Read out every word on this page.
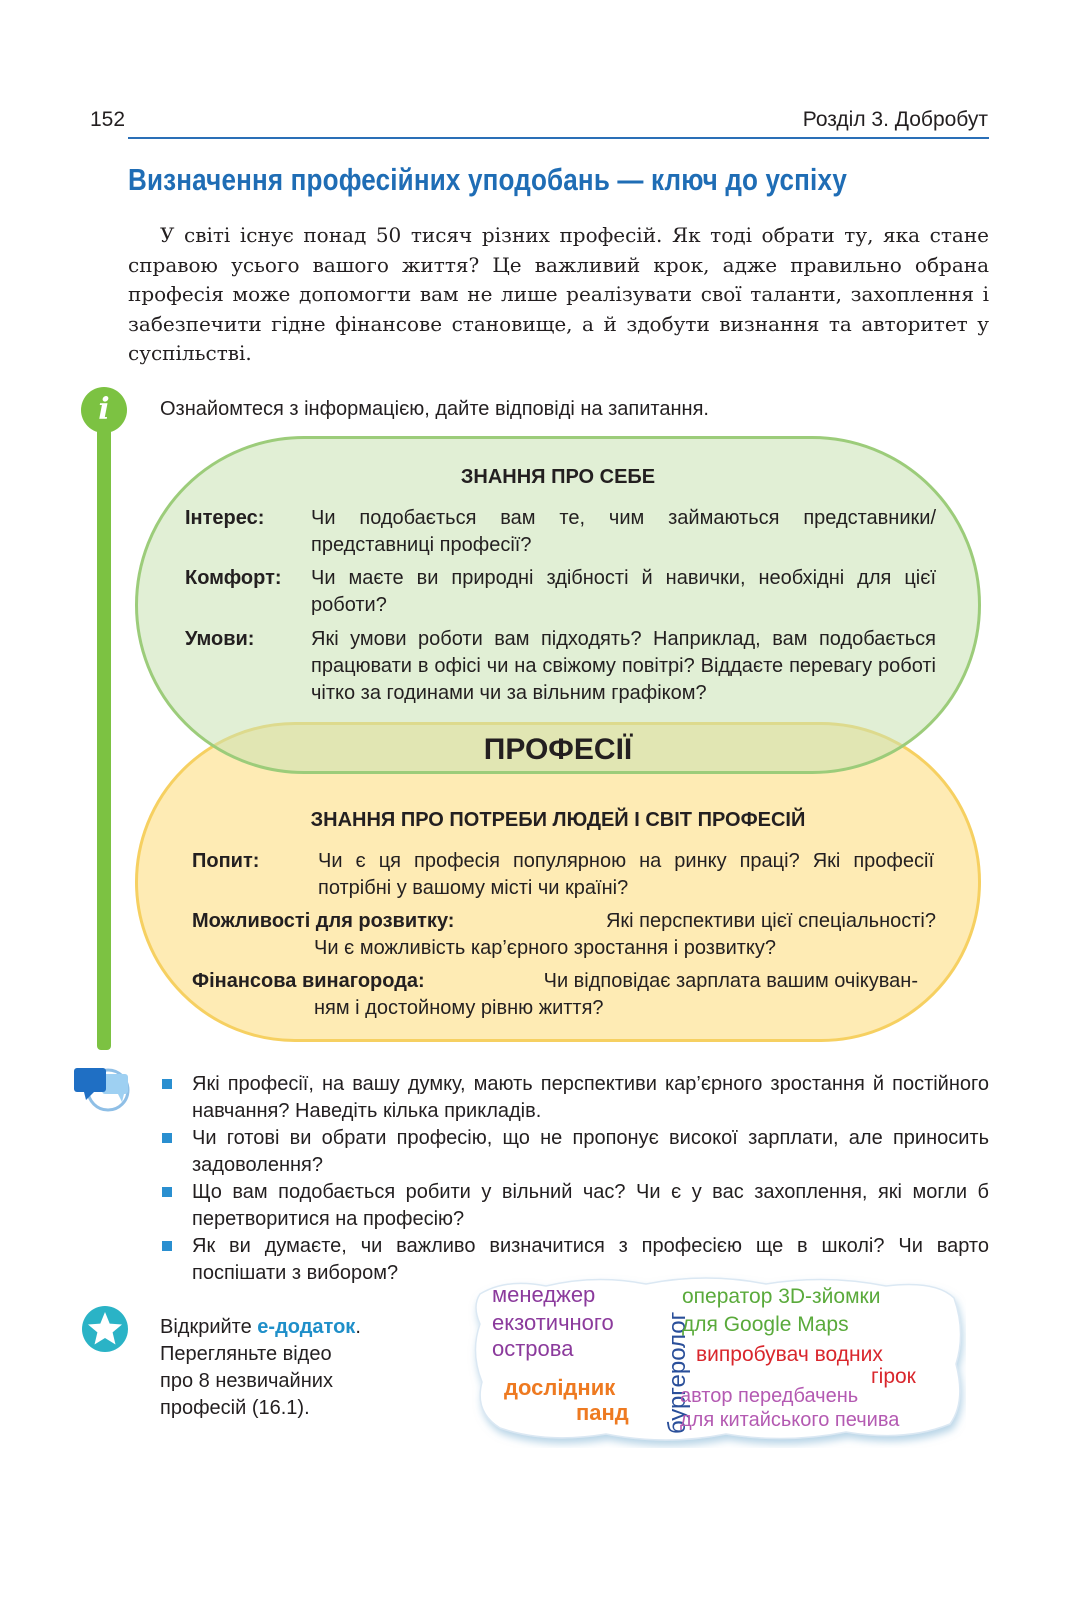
152	Розділ 3. Добробут
Визначення професійних уподобань — ключ до успіху

У світі існує понад 50 тисяч різних професій. Як тоді обрати ту, яка стане справою усього вашого життя? Це важливий крок, адже правильно обрана професія може допомогти вам не лише реалізувати свої таланти, захоплення і забезпечити гідне фінансове становище, а й здобути визнання та авторитет у суспільстві.

i	Ознайомтеся з інформацією, дайте відповіді на запитання.
ЗНАННЯ ПРО СЕБЕ
Інтерес: Чи подобається вам те, чим займаються представники/представниці професії?
Комфорт: Чи маєте ви природні здібності й навички, необхідні для цієї роботи?
Умови:	Які умови роботи вам підходять? Наприклад, вам подобається працювати в офісі чи на свіжому повітрі? Віддаєте перевагу роботі чітко за годинами чи за вільним графіком?
ПРОФЕСІЇ
ЗНАННЯ ПРО ПОТРЕБИ ЛЮДЕЙ І СВІТ ПРОФЕСІЙ
Попит:	Чи є ця професія популярною на ринку праці? Які професії потрібні у вашому місті чи країні?
Можливості для розвитку:	Які перспективи цієї спеціальності?
Чи є можливість кар’єрного зростання і розвитку?
Фінансова винагорода:	Чи відповідає зарплата вашим очікуван-
ням і достойному рівню життя?
Які професії, на вашу думку, мають перспективи кар’єрного зростання й постійного навчання? Наведіть кілька прикладів.
Чи готові ви обрати професію, що не пропонує високої зарплати, але приносить задоволення?
Що вам подобається робити у вільний час? Чи є у вас захоплення, які могли б перетворитися на професію?
Як ви думаєте, чи важливо визначитися з професією ще в школі? Чи варто поспішати з вибором?
Відкрийте е-додаток.
Перегляньте відео
про 8 незвичайних
професій (16.1).
менеджер
екзотичного
острова
дослідник
панд бургеролог
оператор 3D-зйомки
для Google Maps
випробувач водних
гірок
автор передбачень
для китайського печива
